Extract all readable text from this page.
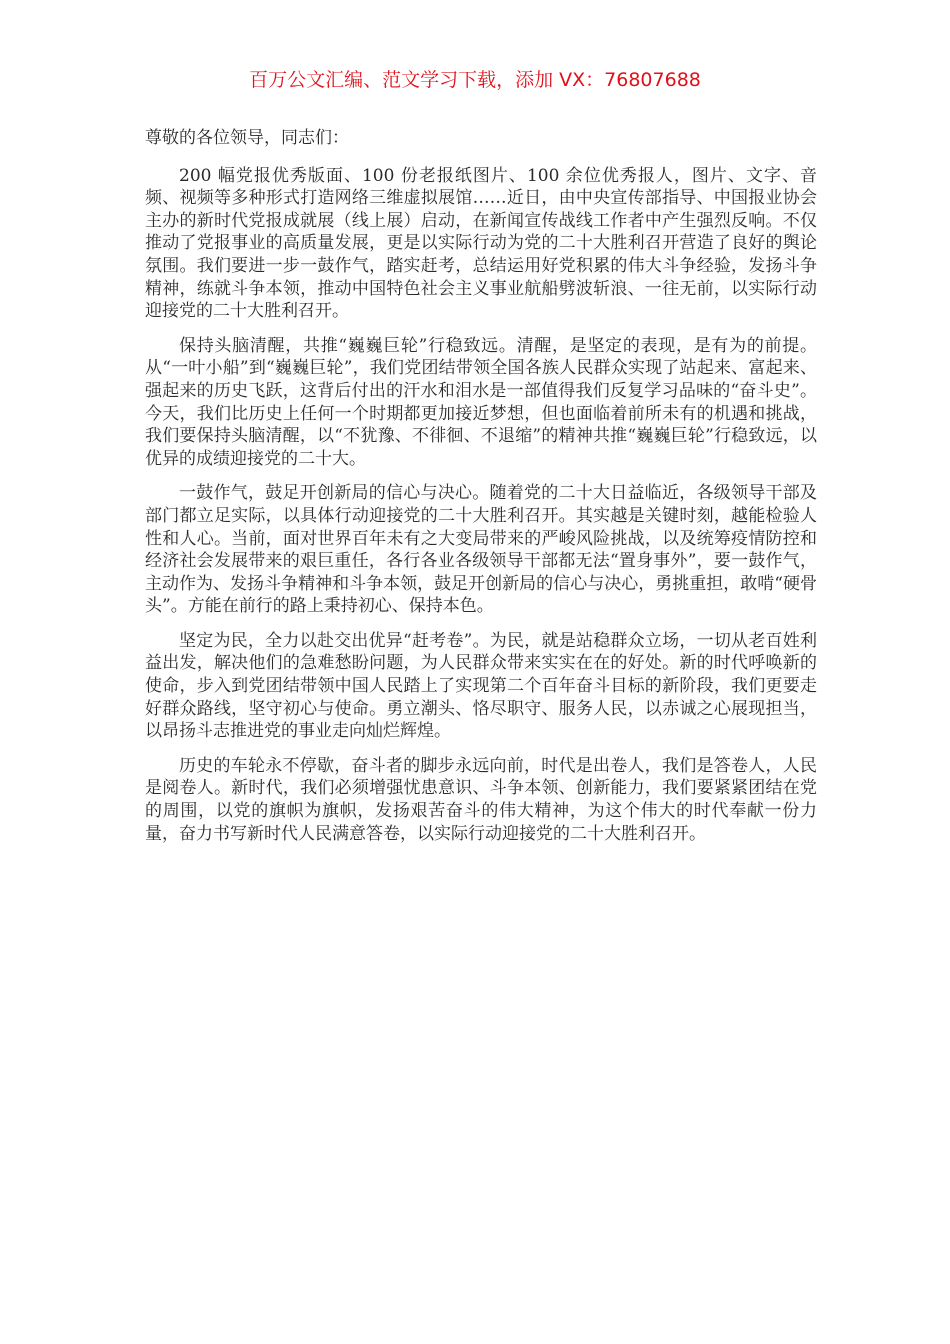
百万公文汇编、范文学习下载，添加 VX：76807688

尊敬的各位领导，同志们：

200 幅党报优秀版面、100 份老报纸图片、100 余位优秀报人，图片、文字、音频、视频等多种形式打造网络三维虚拟展馆……近日，由中央宣传部指导、中国报业协会主办的新时代党报成就展（线上展）启动，在新闻宣传战线工作者中产生强烈反响。不仅推动了党报事业的高质量发展，更是以实际行动为党的二十大胜利召开营造了良好的舆论氛围。我们要进一步一鼓作气，踏实赶考，总结运用好党积累的伟大斗争经验，发扬斗争精神，练就斗争本领，推动中国特色社会主义事业航船劈波斩浪、一往无前，以实际行动迎接党的二十大胜利召开。

保持头脑清醒，共推“巍巍巨轮”行稳致远。清醒，是坚定的表现，是有为的前提。从“一叶小船”到“巍巍巨轮”，我们党团结带领全国各族人民群众实现了站起来、富起来、强起来的历史飞跃，这背后付出的汗水和泪水是一部值得我们反复学习品味的“奋斗史”。今天，我们比历史上任何一个时期都更加接近梦想，但也面临着前所未有的机遇和挑战，我们要保持头脑清醒，以“不犹豫、不徘徊、不退缩”的精神共推“巍巍巨轮”行稳致远，以优异的成绩迎接党的二十大。

一鼓作气，鼓足开创新局的信心与决心。随着党的二十大日益临近，各级领导干部及部门都立足实际，以具体行动迎接党的二十大胜利召开。其实越是关键时刻，越能检验人性和人心。当前，面对世界百年未有之大变局带来的严峻风险挑战，以及统筹疫情防控和经济社会发展带来的艰巨重任，各行各业各级领导干部都无法“置身事外”，要一鼓作气，主动作为、发扬斗争精神和斗争本领，鼓足开创新局的信心与决心，勇挑重担，敢啃“硬骨头”。方能在前行的路上秉持初心、保持本色。

坚定为民，全力以赴交出优异“赶考卷”。为民，就是站稳群众立场，一切从老百姓利益出发，解决他们的急难愁盼问题，为人民群众带来实实在在的好处。新的时代呼唤新的使命，步入到党团结带领中国人民踏上了实现第二个百年奋斗目标的新阶段，我们更要走好群众路线，坚守初心与使命。勇立潮头、恪尽职守、服务人民，以赤诚之心展现担当，以昂扬斗志推进党的事业走向灿烂辉煌。

历史的车轮永不停歇，奋斗者的脚步永远向前，时代是出卷人，我们是答卷人，人民是阅卷人。新时代，我们必须增强忧患意识、斗争本领、创新能力，我们要紧紧团结在党的周围，以党的旗帜为旗帜，发扬艰苦奋斗的伟大精神，为这个伟大的时代奉献一份力量，奋力书写新时代人民满意答卷，以实际行动迎接党的二十大胜利召开。
